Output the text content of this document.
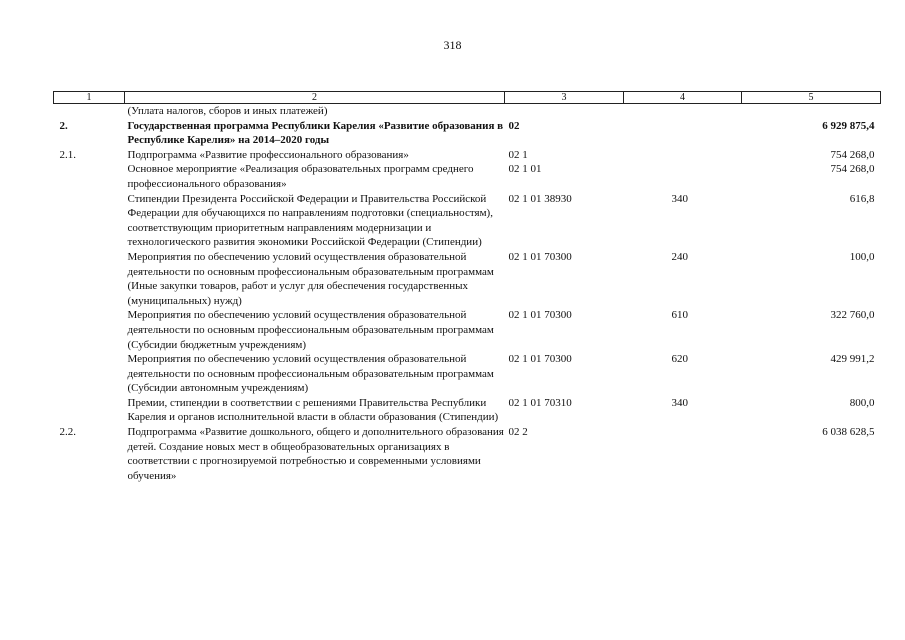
318
1	2	3	4	5
	(Уплата налогов, сборов и иных платежей)			
2.	Государственная программа Республики Карелия «Развитие образования в Республике Карелия» на 2014–2020 годы	02		6 929 875,4
2.1.	Подпрограмма «Развитие профессионального образования»	02 1		754 268,0
	Основное мероприятие «Реализация образовательных программ среднего профессионального образования»	02 1 01		754 268,0
	Стипендии Президента Российской Федерации и Правительства Российской Федерации для обучающихся по направлениям подготовки (специальностям), соответствующим приоритетным направлениям модернизации и технологического развития экономики Российской Федерации (Стипендии)	02 1 01 38930	340	616,8
	Мероприятия по обеспечению условий осуществления образовательной деятельности по основным профессиональным образовательным программам (Иные закупки товаров, работ и услуг для обеспечения государственных (муниципальных) нужд)	02 1 01 70300	240	100,0
	Мероприятия по обеспечению условий осуществления образовательной деятельности по основным профессиональным образовательным программам (Субсидии бюджетным учреждениям)	02 1 01 70300	610	322 760,0
	Мероприятия по обеспечению условий осуществления образовательной деятельности по основным профессиональным образовательным программам (Субсидии автономным учреждениям)	02 1 01 70300	620	429 991,2
	Премии, стипендии в соответствии с решениями Правительства Республики Карелия и органов исполнительной власти в области образования (Стипендии)	02 1 01 70310	340	800,0
2.2.	Подпрограмма «Развитие дошкольного, общего и дополнительного образования детей. Создание новых мест в общеобразовательных организациях в соответствии с прогнозируемой потребностью и современными условиями обучения»	02 2		6 038 628,5
